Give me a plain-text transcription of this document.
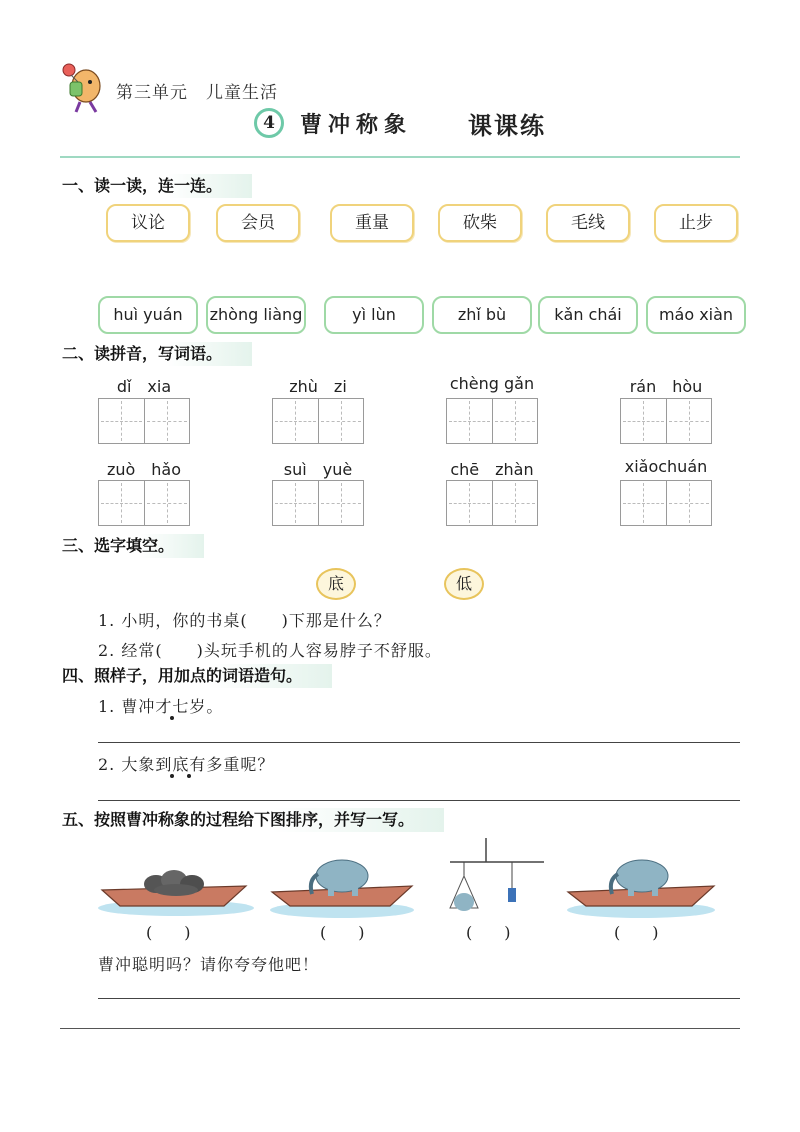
第三单元　儿童生活
4	曹冲称象 课课练
一、读一读，连一连。
议论	会员	重量	砍柴	毛线	止步
huì yuán	zhòng liàng	yì lùn	zhǐ bù	kǎn chái	máo xiàn
二、读拼音，写词语。
dǐ　xia	zhù　zi	chèng gǎn	rán　hòu
zuò　hǎo	suì　yuè	chē　zhàn	xiǎochuán
三、选字填空。
底	低
1. 小明，你的书桌(　　)下那是什么？
2. 经常(　　)头玩手机的人容易脖子不舒服。
四、照样子，用加点的词语造句。
1. 曹冲才七岁。
2. 大象到底有多重呢？
五、按照曹冲称象的过程给下图排序，并写一写。
(　　)	(　　)	(　　)	(　　)
曹冲聪明吗？请你夸夸他吧！
